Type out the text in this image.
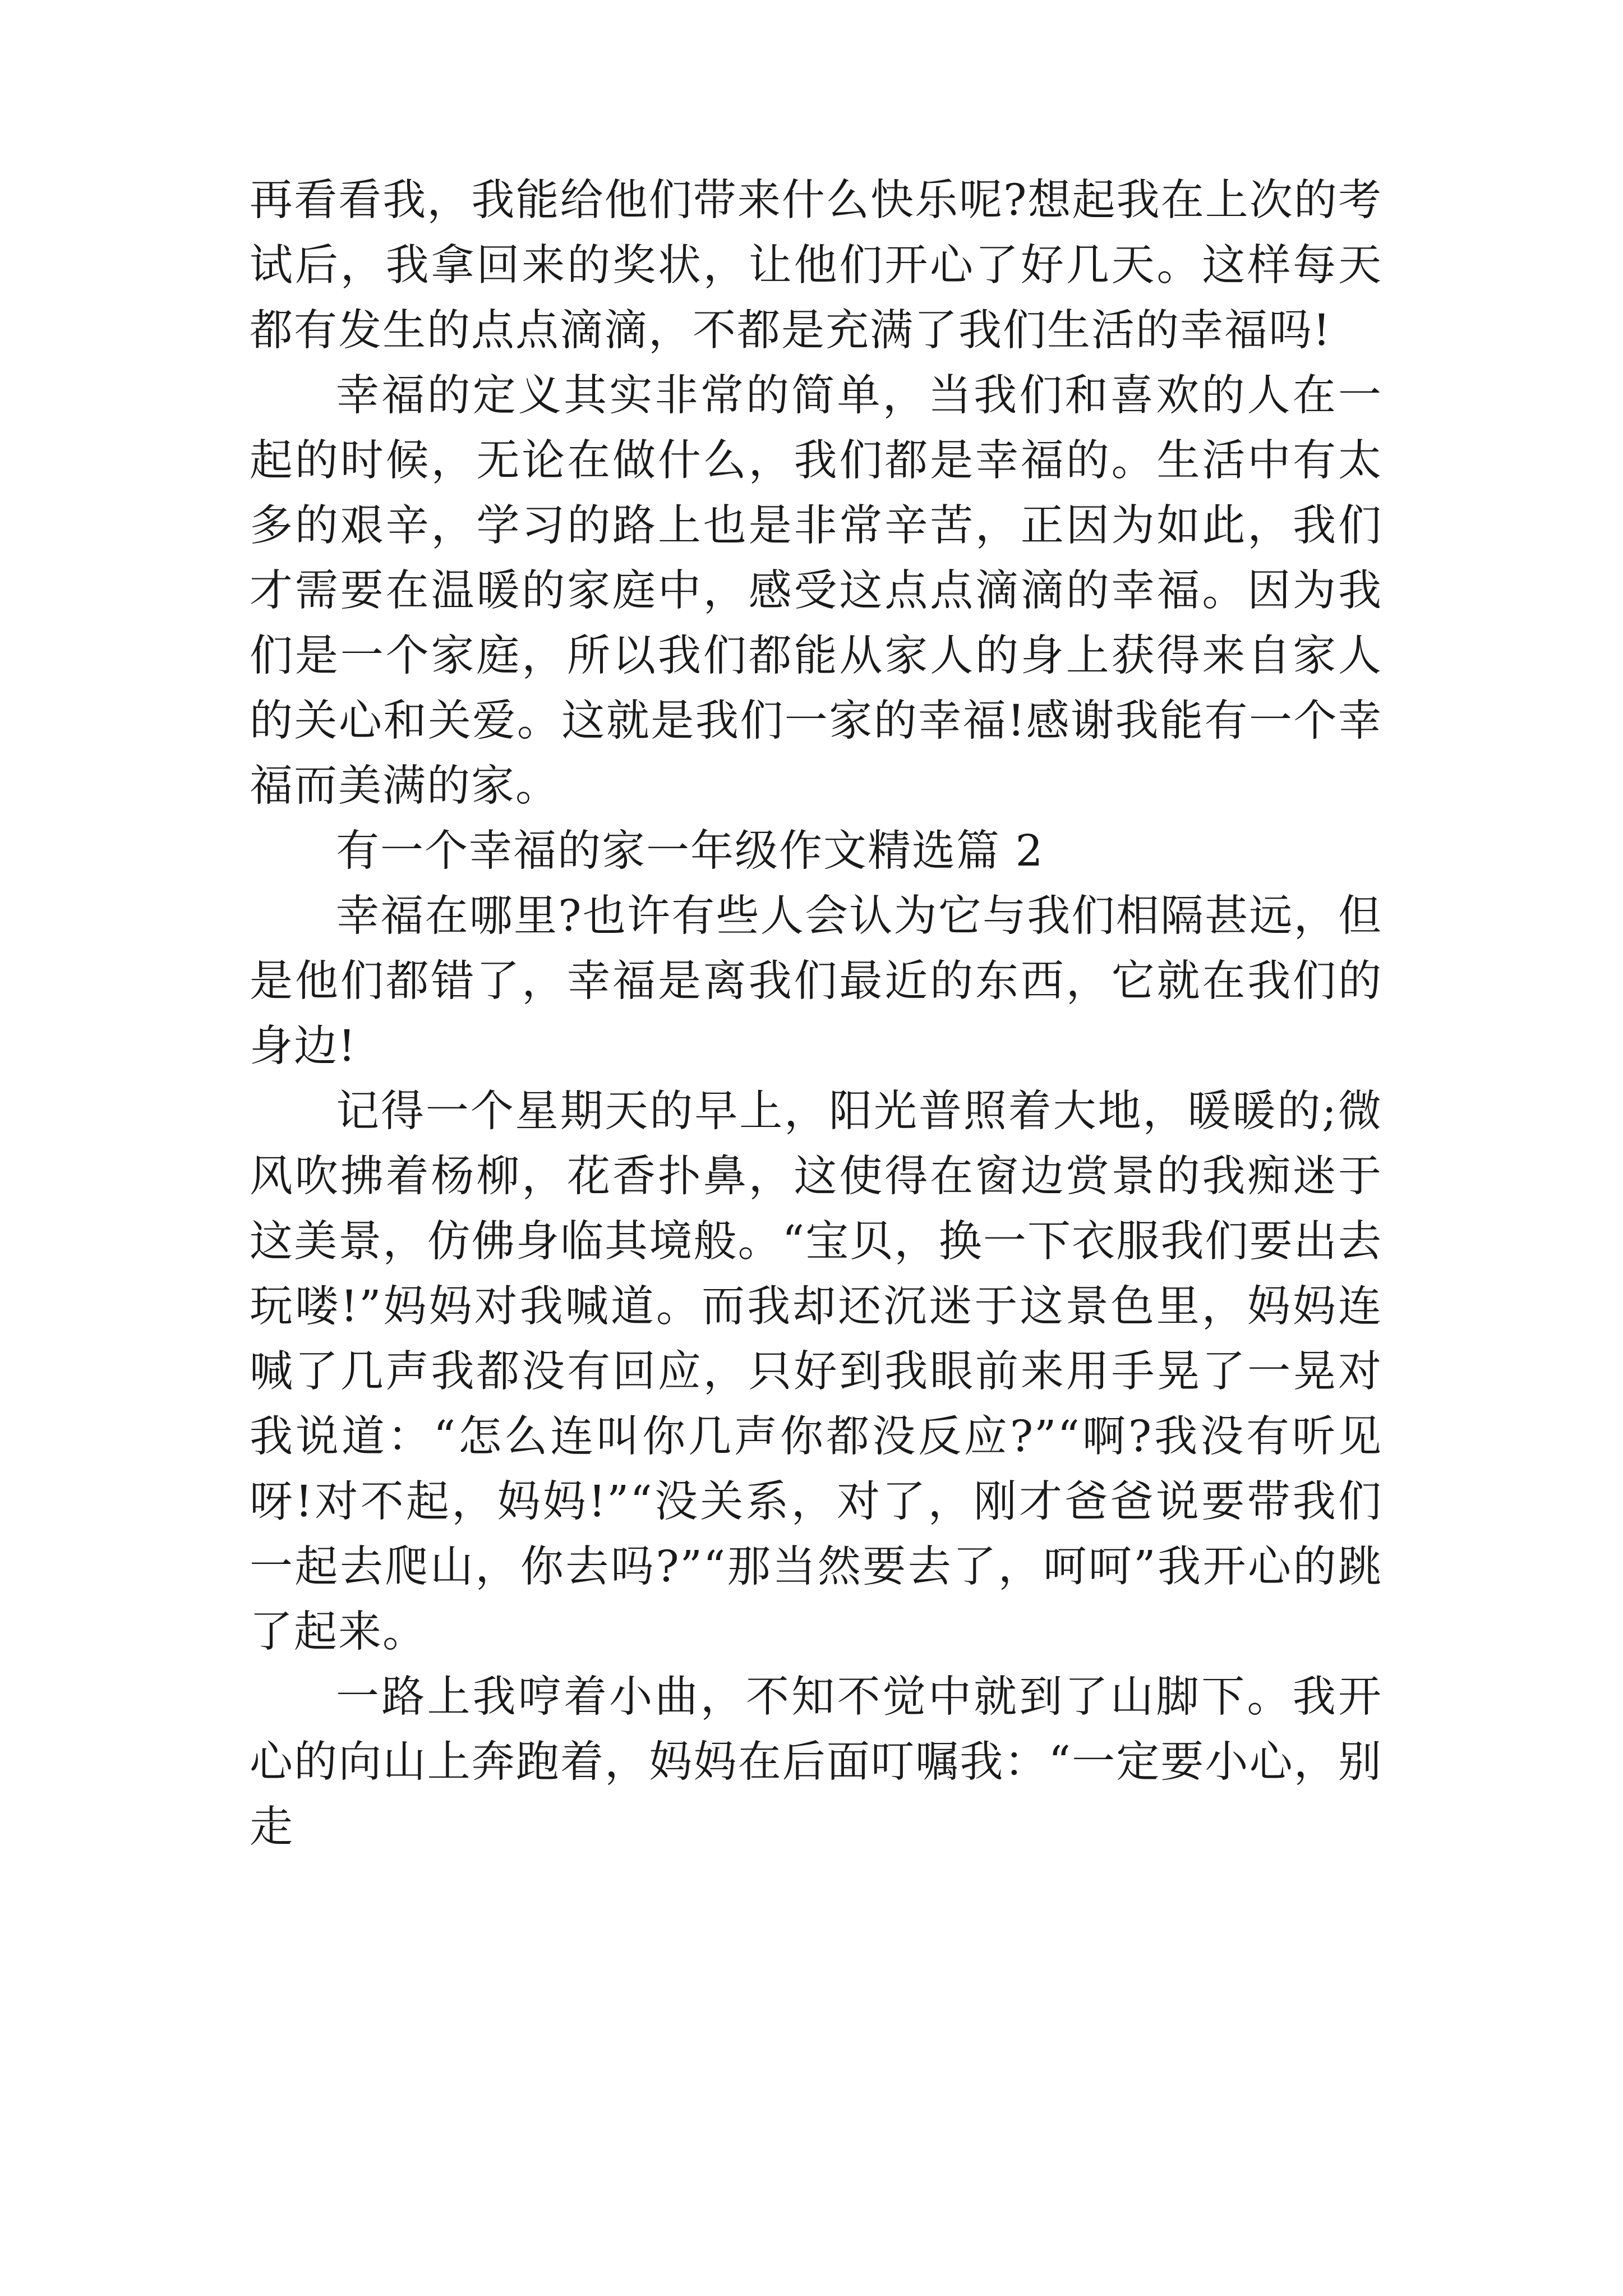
再看看我，我能给他们带来什么快乐呢?想起我在上次的考试后，我拿回来的奖状，让他们开心了好几天。这样每天都有发生的点点滴滴，不都是充满了我们生活的幸福吗!

幸福的定义其实非常的简单，当我们和喜欢的人在一起的时候，无论在做什么，我们都是幸福的。生活中有太多的艰辛，学习的路上也是非常辛苦，正因为如此，我们才需要在温暖的家庭中，感受这点点滴滴的幸福。因为我们是一个家庭，所以我们都能从家人的身上获得来自家人的关心和关爱。这就是我们一家的幸福!感谢我能有一个幸福而美满的家。

有一个幸福的家一年级作文精选篇 2

幸福在哪里?也许有些人会认为它与我们相隔甚远，但是他们都错了，幸福是离我们最近的东西，它就在我们的身边!

记得一个星期天的早上，阳光普照着大地，暖暖的;微风吹拂着杨柳，花香扑鼻，这使得在窗边赏景的我痴迷于这美景，仿佛身临其境般。“宝贝，换一下衣服我们要出去玩喽!”妈妈对我喊道。而我却还沉迷于这景色里，妈妈连喊了几声我都没有回应，只好到我眼前来用手晃了一晃对我说道：“怎么连叫你几声你都没反应?”“啊?我没有听见呀!对不起，妈妈!”“没关系，对了，刚才爸爸说要带我们一起去爬山，你去吗?”“那当然要去了，呵呵”我开心的跳了起来。

一路上我哼着小曲，不知不觉中就到了山脚下。我开心的向山上奔跑着，妈妈在后面叮嘱我：“一定要小心，别走
